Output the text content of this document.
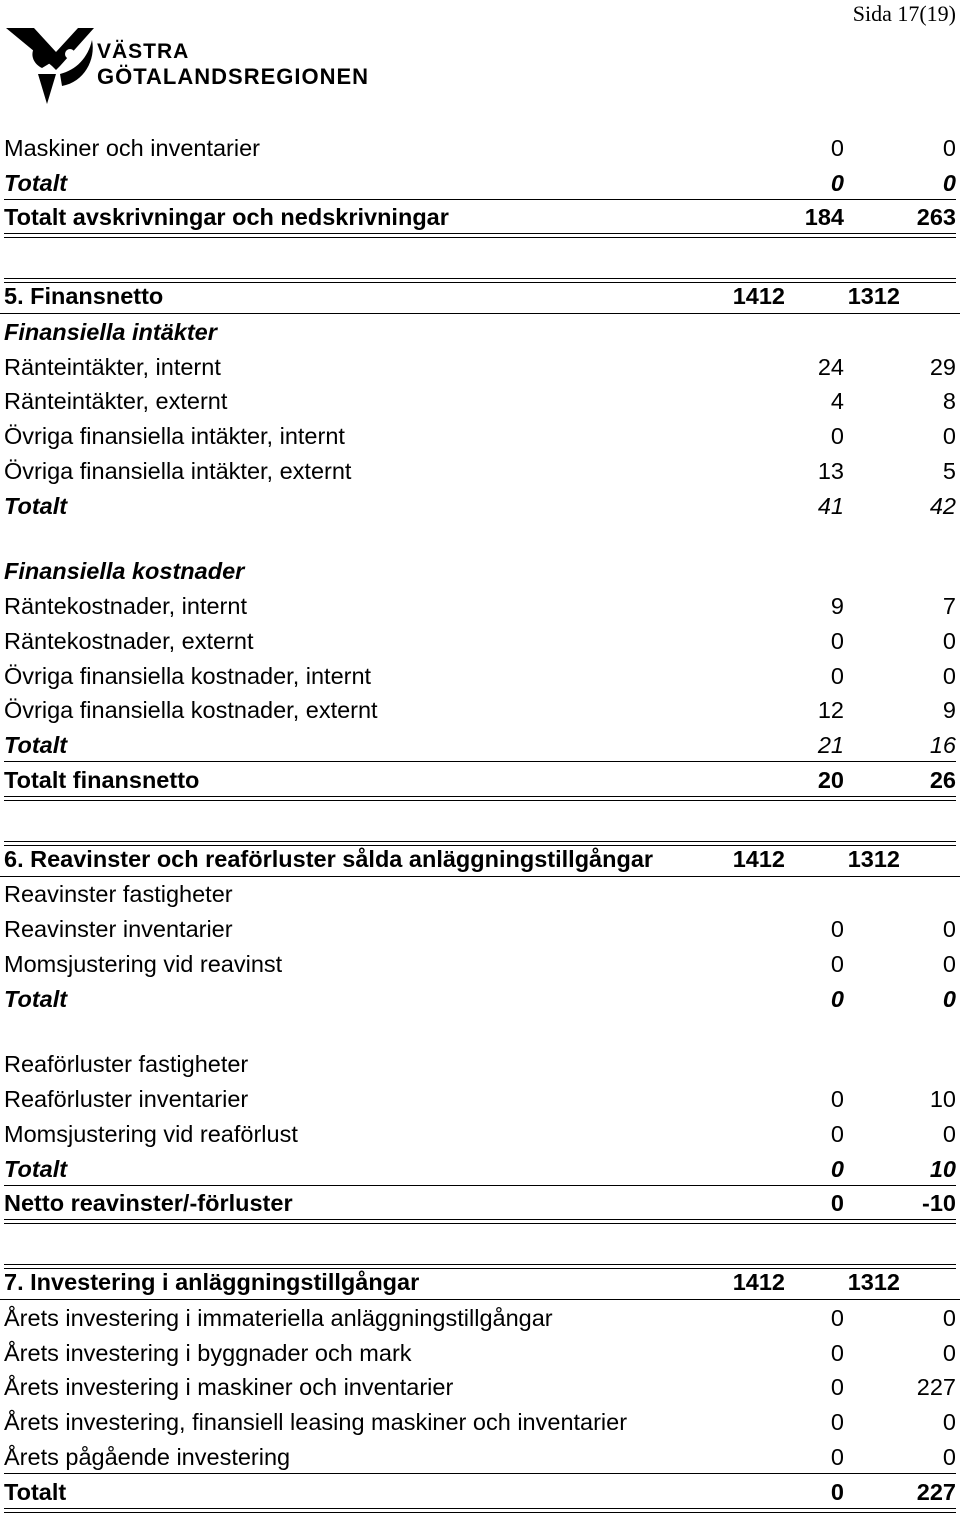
Sida 17(19)
VÄSTRA
GÖTALANDSREGIONEN
Maskiner och inventarier	0	0
Totalt	0	0
Totalt avskrivningar och nedskrivningar	184	263
5. Finansnetto	1412	1312
Finansiella intäkter
Ränteintäkter, internt	24	29
Ränteintäkter, externt	4	8
Övriga finansiella intäkter, internt	0	0
Övriga finansiella intäkter, externt	13	5
Totalt	41	42
Finansiella kostnader
Räntekostnader, internt	9	7
Räntekostnader, externt	0	0
Övriga finansiella kostnader, internt	0	0
Övriga finansiella kostnader, externt	12	9
Totalt	21	16
Totalt finansnetto	20	26
6. Reavinster och reaförluster sålda anläggningstillgångar	1412	1312
Reavinster fastigheter
Reavinster inventarier	0	0
Momsjustering vid reavinst	0	0
Totalt	0	0
Reaförluster fastigheter
Reaförluster inventarier	0	10
Momsjustering vid reaförlust	0	0
Totalt	0	10
Netto reavinster/-förluster	0	-10
7. Investering i anläggningstillgångar	1412	1312
Årets investering i immateriella anläggningstillgångar	0	0
Årets investering i byggnader och mark	0	0
Årets investering i maskiner och inventarier	0	227
Årets investering, finansiell leasing maskiner och inventarier	0	0
Årets pågående investering	0	0
Totalt	0	227
